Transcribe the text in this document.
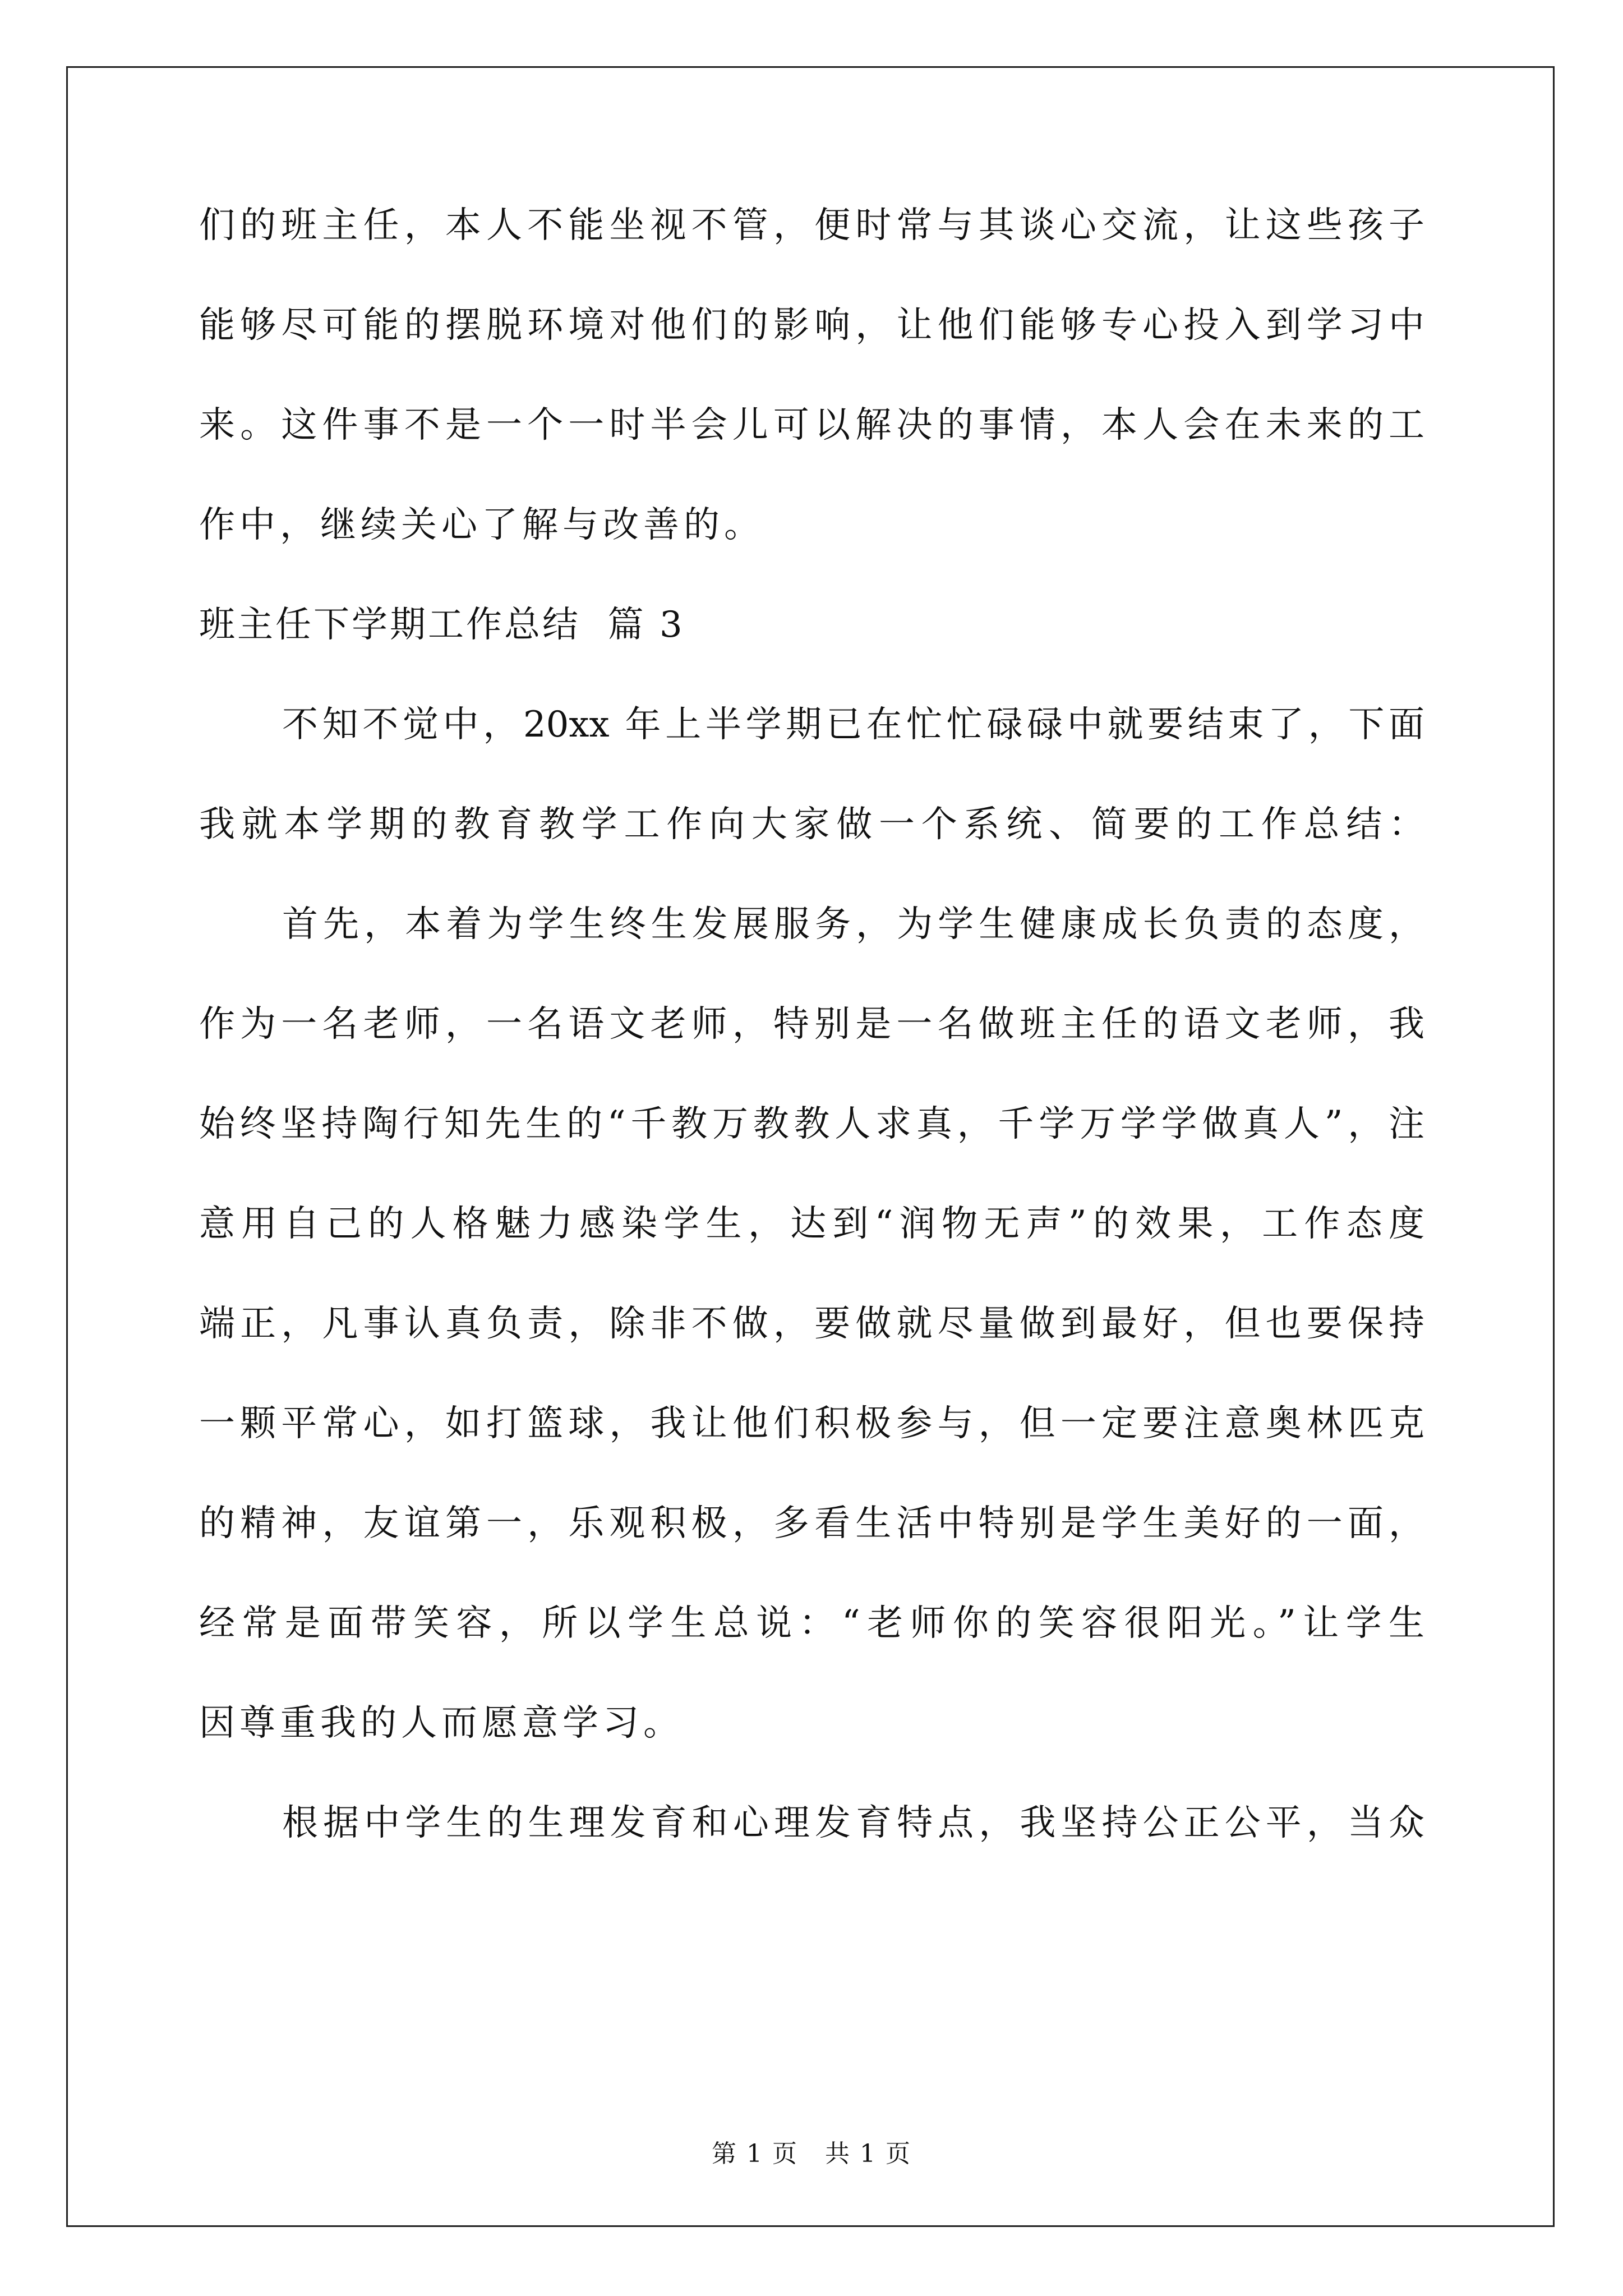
们的班主任，本人不能坐视不管，便时常与其谈心交流，让这些孩子
能够尽可能的摆脱环境对他们的影响，让他们能够专心投入到学习中
来。这件事不是一个一时半会儿可以解决的事情，本人会在未来的工
作中，继续关心了解与改善的。
班主任下学期工作总结  篇 3
不知不觉中，20xx 年上半学期已在忙忙碌碌中就要结束了，下面
我就本学期的教育教学工作向大家做一个系统、简要的工作总结：
首先，本着为学生终生发展服务，为学生健康成长负责的态度，
作为一名老师，一名语文老师，特别是一名做班主任的语文老师，我
始终坚持陶行知先生的“千教万教教人求真，千学万学学做真人”，注
意用自己的人格魅力感染学生，达到“润物无声”的效果，工作态度
端正，凡事认真负责，除非不做，要做就尽量做到最好，但也要保持
一颗平常心，如打篮球，我让他们积极参与，但一定要注意奥林匹克
的精神，友谊第一，乐观积极，多看生活中特别是学生美好的一面，
经常是面带笑容，所以学生总说：“老师你的笑容很阳光。”让学生
因尊重我的人而愿意学习。
根据中学生的生理发育和心理发育特点，我坚持公正公平，当众
第 1 页   共 1 页
